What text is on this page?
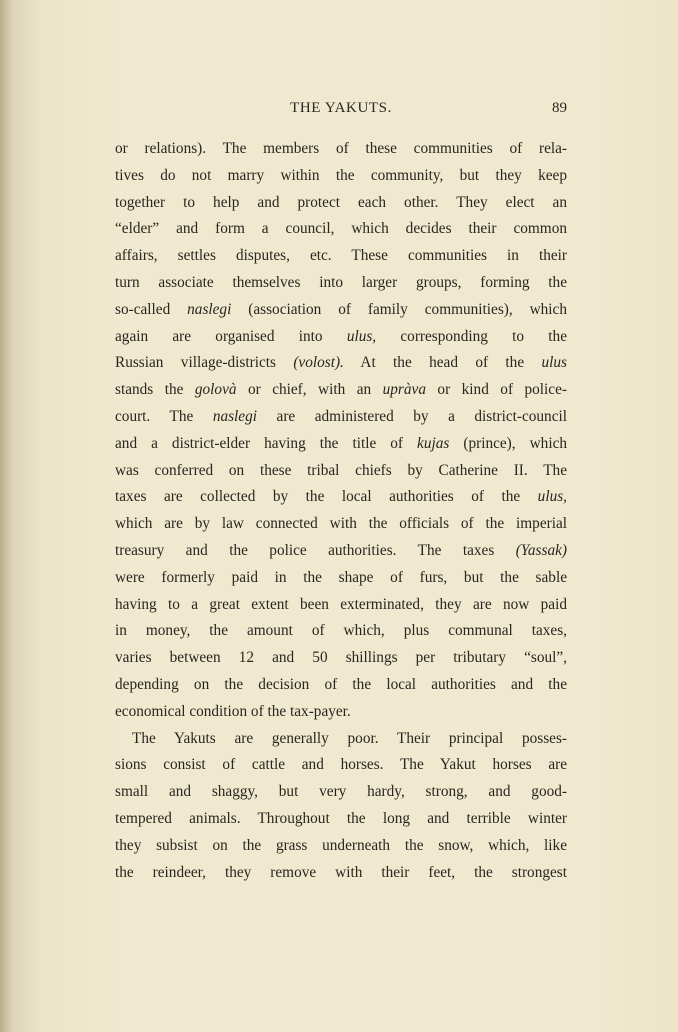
THE YAKUTS.	89
or relations). The members of these communities of rela-
tives do not marry within the community, but they keep
together to help and protect each other. They elect an
“elder” and form a council, which decides their common
affairs, settles disputes, etc. These communities in their
turn associate themselves into larger groups, forming the
so-called naslegi (association of family communities), which
again are organised into ulus, corresponding to the
Russian village-districts (volost). At the head of the ulus
stands the golovà or chief, with an upràva or kind of police-
court. The naslegi are administered by a district-council
and a district-elder having the title of kujas (prince), which
was conferred on these tribal chiefs by Catherine II. The
taxes are collected by the local authorities of the ulus,
which are by law connected with the officials of the imperial
treasury and the police authorities. The taxes (Yassak)
were formerly paid in the shape of furs, but the sable
having to a great extent been exterminated, they are now paid
in money, the amount of which, plus communal taxes,
varies between 12 and 50 shillings per tributary “soul”,
depending on the decision of the local authorities and the
economical condition of the tax-payer.
The Yakuts are generally poor. Their principal posses-
sions consist of cattle and horses. The Yakut horses are
small and shaggy, but very hardy, strong, and good-
tempered animals. Throughout the long and terrible winter
they subsist on the grass underneath the snow, which, like
the reindeer, they remove with their feet, the strongest
